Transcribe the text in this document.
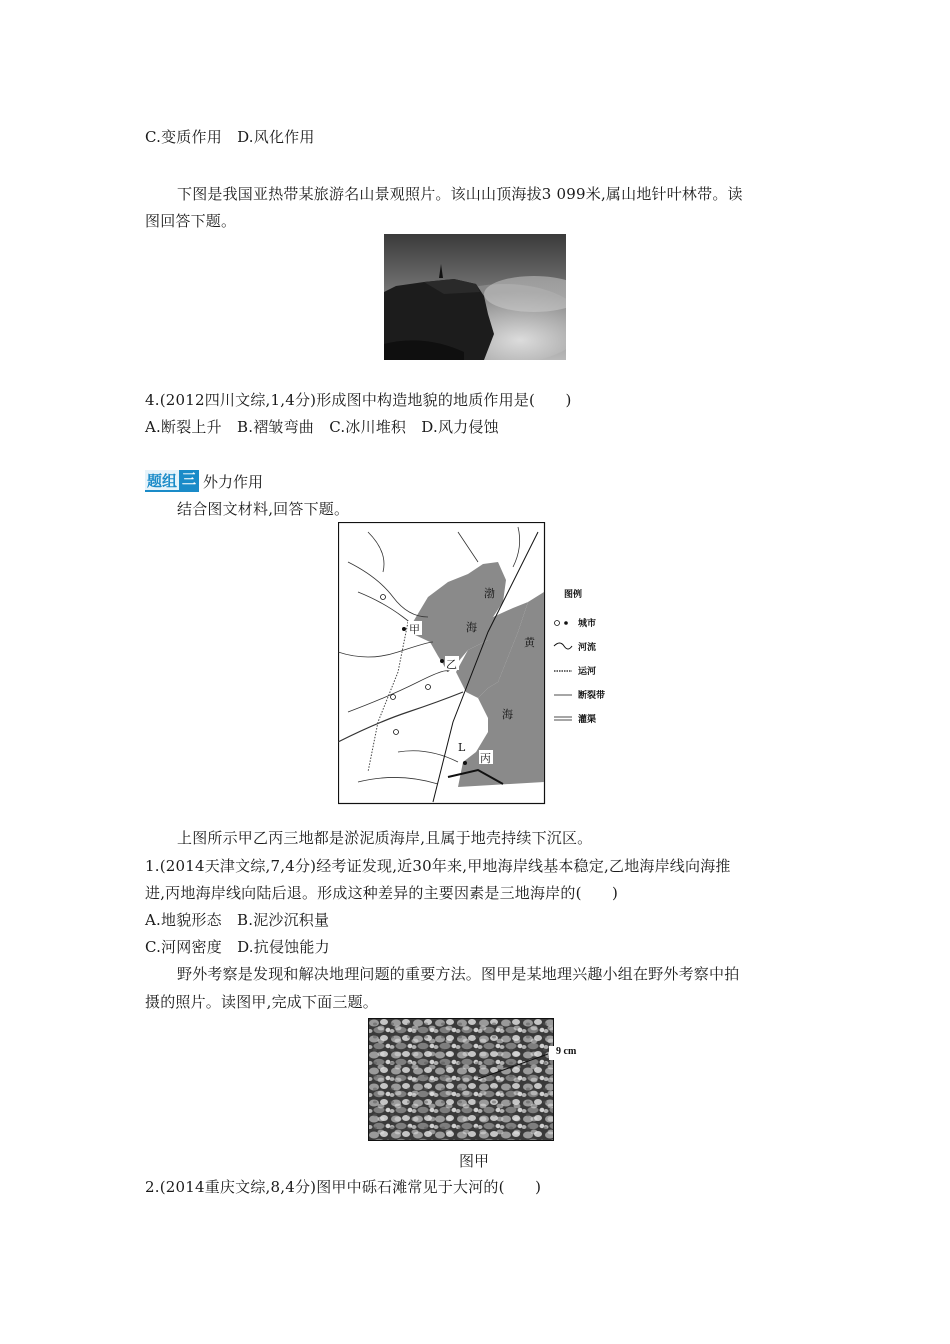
C.变质作用　D.风化作用
下图是我国亚热带某旅游名山景观照片。该山山顶海拔3 099米,属山地针叶林带。读
图回答下题。
4.(2012四川文综,1,4分)形成图中构造地貌的地质作用是(　　)
A.断裂上升　B.褶皱弯曲　C.冰川堆积　D.风力侵蚀
题组 三 外力作用
结合图文材料,回答下题。
渤
海
黄
海
甲
乙
L
丙
图例
城市
河流
运河
断裂带
灌渠
上图所示甲乙丙三地都是淤泥质海岸,且属于地壳持续下沉区。
1.(2014天津文综,7,4分)经考证发现,近30年来,甲地海岸线基本稳定,乙地海岸线向海推
进,丙地海岸线向陆后退。形成这种差异的主要因素是三地海岸的(　　)
A.地貌形态　B.泥沙沉积量
C.河网密度　D.抗侵蚀能力
野外考察是发现和解决地理问题的重要方法。图甲是某地理兴趣小组在野外考察中拍
摄的照片。读图甲,完成下面三题。
9 cm
图甲
2.(2014重庆文综,8,4分)图甲中砾石滩常见于大河的(　　)
